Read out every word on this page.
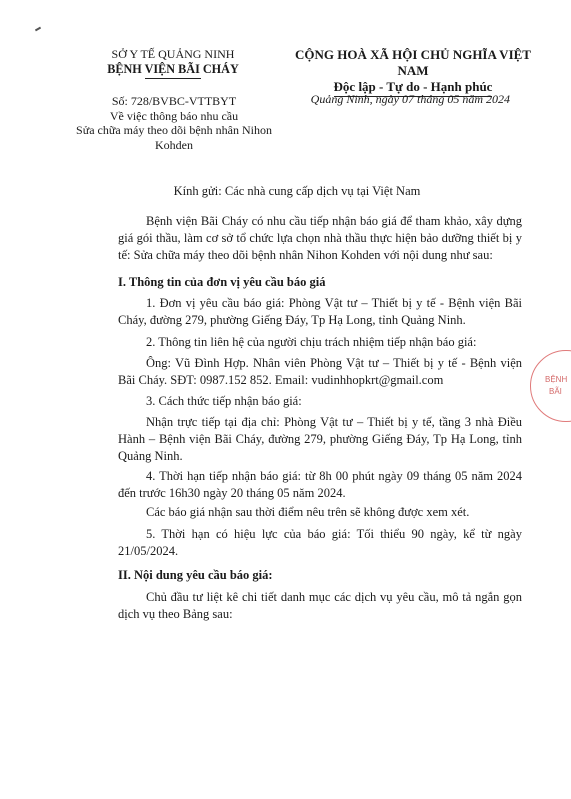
SỞ Y TẾ QUẢNG NINH
BỆNH VIỆN BÃI CHÁY
CỘNG HOÀ XÃ HỘI CHỦ NGHĨA VIỆT NAM
Độc lập - Tự do - Hạnh phúc
Số: 728/BVBC-VTTBYT
Về việc thông báo nhu cầu
Sửa chữa máy theo dõi bệnh nhân Nihon
Kohden
Quảng Ninh, ngày 07 tháng 05 năm 2024
Kính gửi: Các nhà cung cấp dịch vụ tại Việt Nam
Bệnh viện Bãi Cháy có nhu cầu tiếp nhận báo giá để tham khảo, xây dựng giá gói thầu, làm cơ sở tổ chức lựa chọn nhà thầu thực hiện bảo dưỡng thiết bị y tế: Sửa chữa máy theo dõi bệnh nhân Nihon Kohden với nội dung như sau:
I. Thông tin của đơn vị yêu cầu báo giá
1. Đơn vị yêu cầu báo giá: Phòng Vật tư – Thiết bị y tế - Bệnh viện Bãi Cháy, đường 279, phường Giếng Đáy, Tp Hạ Long, tỉnh Quảng Ninh.
2. Thông tin liên hệ của người chịu trách nhiệm tiếp nhận báo giá:
Ông: Vũ Đình Hợp. Nhân viên Phòng Vật tư – Thiết bị y tế - Bệnh viện Bãi Cháy. SĐT: 0987.152 852. Email: vudinhhopkrt@gmail.com
3. Cách thức tiếp nhận báo giá:
Nhận trực tiếp tại địa chỉ: Phòng Vật tư – Thiết bị y tế, tầng 3 nhà Điều Hành – Bệnh viện Bãi Cháy, đường 279, phường Giếng Đáy, Tp Hạ Long, tỉnh Quảng Ninh.
4. Thời hạn tiếp nhận báo giá: từ 8h 00 phút ngày 09 tháng 05 năm 2024 đến trước 16h30 ngày 20 tháng 05 năm 2024.
Các báo giá nhận sau thời điểm nêu trên sẽ không được xem xét.
5. Thời hạn có hiệu lực của báo giá: Tối thiểu 90 ngày, kể từ ngày 21/05/2024.
II. Nội dung yêu cầu báo giá:
Chủ đầu tư liệt kê chi tiết danh mục các dịch vụ yêu cầu, mô tả ngắn gọn dịch vụ theo Bảng sau:
BỆNH
BÃI
